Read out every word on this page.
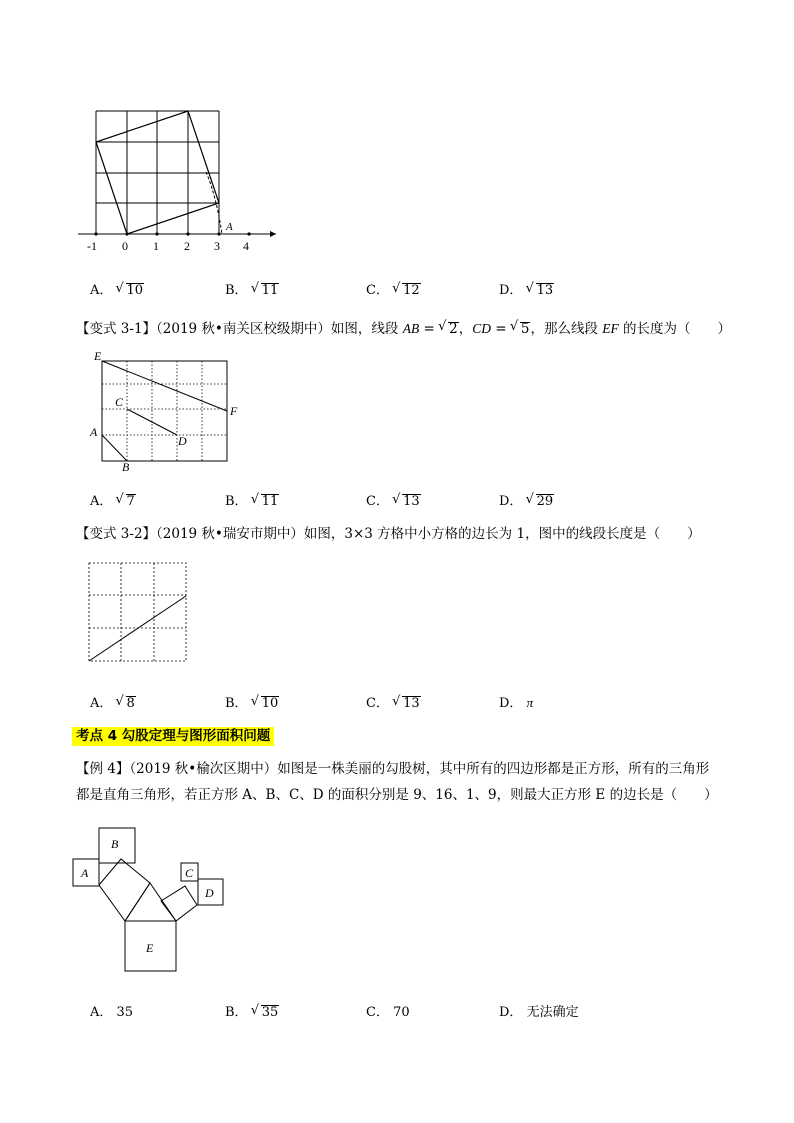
-1 0 1 2 3 4
A
A． √ 10	B． √ 11	C． √ 12	D． √ 13
【变式 3-1】（2019 秋•南关区校级期中）如图，线段 AB = √ 2，CD = √ 5，那么线段 EF 的长度为（　　）
E
F
C
D
A
B
A． √ 7	B． √ 11	C． √ 13	D． √ 29
【变式 3-2】（2019 秋•瑞安市期中）如图，3×3 方格中小方格的边长为 1，图中的线段长度是（　　）
A． √ 8	B． √ 10	C． √ 13	D． π
考点 4 勾股定理与图形面积问题
【例 4】（2019 秋•榆次区期中）如图是一株美丽的勾股树，其中所有的四边形都是正方形，所有的三角形
都是直角三角形，若正方形 A、B、C、D 的面积分别是 9、16、1、9，则最大正方形 E 的边长是（　　）
A
B
C
D
E
A． 35	B． √ 35	C． 70	D． 无法确定
